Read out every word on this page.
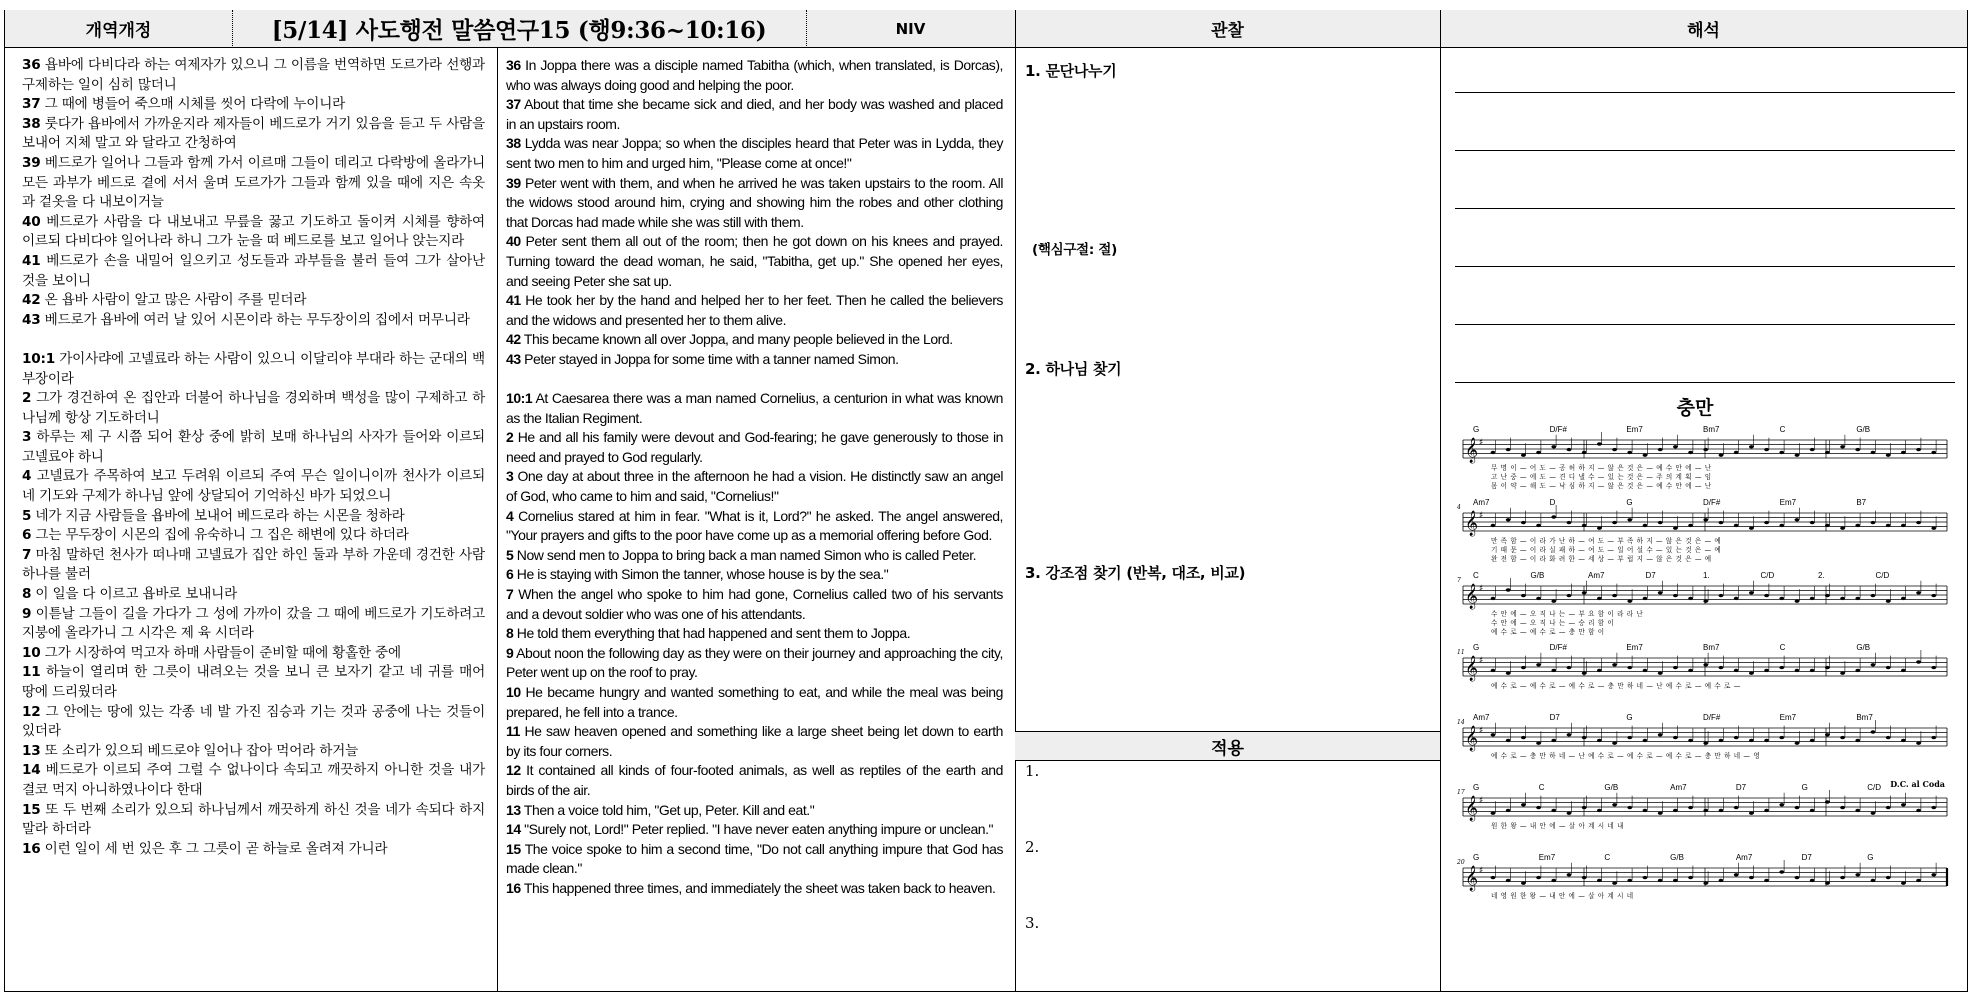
개역개정	[5/14] 사도행전 말씀연구15 (행9:36~10:16)	NIV	관찰	해석

36 욥바에 다비다라 하는 여제자가 있으니 그 이름을 번역하면 도르가라 선행과 구제하는 일이 심히 많더니

37 그 때에 병들어 죽으매 시체를 씻어 다락에 누이니라

38 룻다가 욥바에서 가까운지라 제자들이 베드로가 거기 있음을 듣고 두 사람을 보내어 지체 말고 와 달라고 간청하여

39 베드로가 일어나 그들과 함께 가서 이르매 그들이 데리고 다락방에 올라가니 모든 과부가 베드로 곁에 서서 울며 도르가가 그들과 함께 있을 때에 지은 속옷과 겉옷을 다 내보이거늘

40 베드로가 사람을 다 내보내고 무릎을 꿇고 기도하고 돌이켜 시체를 향하여 이르되 다비다야 일어나라 하니 그가 눈을 떠 베드로를 보고 일어나 앉는지라

41 베드로가 손을 내밀어 일으키고 성도들과 과부들을 불러 들여 그가 살아난 것을 보이니

42 온 욥바 사람이 알고 많은 사람이 주를 믿더라

43 베드로가 욥바에 여러 날 있어 시몬이라 하는 무두장이의 집에서 머무니라

10:1 가이사랴에 고넬료라 하는 사람이 있으니 이달리야 부대라 하는 군대의 백부장이라

2 그가 경건하여 온 집안과 더불어 하나님을 경외하며 백성을 많이 구제하고 하나님께 항상 기도하더니

3 하루는 제 구 시쯤 되어 환상 중에 밝히 보매 하나님의 사자가 들어와 이르되 고넬료야 하니

4 고넬료가 주목하여 보고 두려워 이르되 주여 무슨 일이니이까 천사가 이르되 네 기도와 구제가 하나님 앞에 상달되어 기억하신 바가 되었으니

5 네가 지금 사람들을 욥바에 보내어 베드로라 하는 시몬을 청하라

6 그는 무두장이 시몬의 집에 유숙하니 그 집은 해변에 있다 하더라

7 마침 말하던 천사가 떠나매 고넬료가 집안 하인 둘과 부하 가운데 경건한 사람 하나를 불러

8 이 일을 다 이르고 욥바로 보내니라

9 이튿날 그들이 길을 가다가 그 성에 가까이 갔을 그 때에 베드로가 기도하려고 지붕에 올라가니 그 시각은 제 육 시더라

10 그가 시장하여 먹고자 하매 사람들이 준비할 때에 황홀한 중에

11 하늘이 열리며 한 그릇이 내려오는 것을 보니 큰 보자기 같고 네 귀를 매어 땅에 드리웠더라

12 그 안에는 땅에 있는 각종 네 발 가진 짐승과 기는 것과 공중에 나는 것들이 있더라

13 또 소리가 있으되 베드로야 일어나 잡아 먹어라 하거늘

14 베드로가 이르되 주여 그럴 수 없나이다 속되고 깨끗하지 아니한 것을 내가 결코 먹지 아니하였나이다 한대

15 또 두 번째 소리가 있으되 하나님께서 깨끗하게 하신 것을 네가 속되다 하지 말라 하더라

16 이런 일이 세 번 있은 후 그 그릇이 곧 하늘로 올려져 가니라

36 In Joppa there was a disciple named Tabitha (which, when translated, is Dorcas), who was always doing good and helping the poor.

37 About that time she became sick and died, and her body was washed and placed in an upstairs room.

38 Lydda was near Joppa; so when the disciples heard that Peter was in Lydda, they sent two men to him and urged him, "Please come at once!"

39 Peter went with them, and when he arrived he was taken upstairs to the room. All the widows stood around him, crying and showing him the robes and other clothing that Dorcas had made while she was still with them.

40 Peter sent them all out of the room; then he got down on his knees and prayed. Turning toward the dead woman, he said, "Tabitha, get up." She opened her eyes, and seeing Peter she sat up.

41 He took her by the hand and helped her to her feet. Then he called the believers and the widows and presented her to them alive.

42 This became known all over Joppa, and many people believed in the Lord.

43 Peter stayed in Joppa for some time with a tanner named Simon.

10:1 At Caesarea there was a man named Cornelius, a centurion in what was known as the Italian Regiment.

2 He and all his family were devout and God-fearing; he gave generously to those in need and prayed to God regularly.

3 One day at about three in the afternoon he had a vision. He distinctly saw an angel of God, who came to him and said, "Cornelius!"

4 Cornelius stared at him in fear. "What is it, Lord?" he asked. The angel answered, "Your prayers and gifts to the poor have come up as a memorial offering before God.

5 Now send men to Joppa to bring back a man named Simon who is called Peter.

6 He is staying with Simon the tanner, whose house is by the sea."

7 When the angel who spoke to him had gone, Cornelius called two of his servants and a devout soldier who was one of his attendants.

8 He told them everything that had happened and sent them to Joppa.

9 About noon the following day as they were on their journey and approaching the city, Peter went up on the roof to pray.

10 He became hungry and wanted something to eat, and while the meal was being prepared, he fell into a trance.

11 He saw heaven opened and something like a large sheet being let down to earth by its four corners.

12 It contained all kinds of four-footed animals, as well as reptiles of the earth and birds of the air.

13 Then a voice told him, "Get up, Peter. Kill and eat."

14 "Surely not, Lord!" Peter replied. "I have never eaten anything impure or unclean."

15 The voice spoke to him a second time, "Do not call anything impure that God has made clean."

16 This happened three times, and immediately the sheet was taken back to heaven.

1. 문단나누기
(핵심구절: 절)
2. 하나님 찾기
3. 강조점 찾기 (반복, 대조, 비교)
적용
1.
2.
3.
충만
G	D/F#	Em7	Bm7	C	G/B
𝄞 ♯
무 명 이 — 어 도 — 공 허 하 지 — 않 은 것 은 — 예 수 안 에 — 난
고 난 중 — 에 도 — 견 디 낼 수 — 있 는 것 은 — 주 의 계 획 — 임
몸 이 약 — 해 도 — 낙 심 하 지 — 않 은 것 은 — 예 수 안 에 — 난
Am7	D	G	D/F#	Em7	B7
4
𝄞 ♯
만 족 함 — 이 라 가 난 하 — 여 도 — 부 족 하 지 — 않 은 것 은 — 예
기 때 문 — 이 라 실 패 하 — 여 도 — 일 어 설 수 — 있 는 것 은 — 예
완 전 함 — 이 라 화 려 한 — 세 상 — 부 럽 지 — 않 은 것 은 — 예
C	G/B	Am7	D7	1.	C/D	2.	C/D
7
𝄞 ♯
수 안 에 — 오 직 나 는 — 부 요 함 이 라 라 난
수 안 에 — 오 직 나 는 — 승 리 함 이
예 수 로 — 예 수 로 — 충 만 함 이
G	D/F#	Em7	Bm7	C	G/B
11
𝄞 ♯
예 수 로 — 예 수 로 — 예 수 로 — 충 만 하 네 — 난 예 수 로 — 예 수 로 —
Am7	D7	G	D/F#	Em7	Bm7
14
𝄞 ♯
예 수 로 — 충 만 하 네 — 난 예 수 로 — 예 수 로 — 예 수 로 — 충 만 하 네 — 영
G	C	G/B	Am7	D7	G	C/D
17
𝄞 ♯
원 한 왕 — 내 안 에 — 살 아 계 시 네 내
G	Em7	C	G/B	Am7	D7	G
20
𝄞 ♯
네 영 원 한 왕 — 내 안 에 — 살 아 계 시 네
D.C. al Coda
